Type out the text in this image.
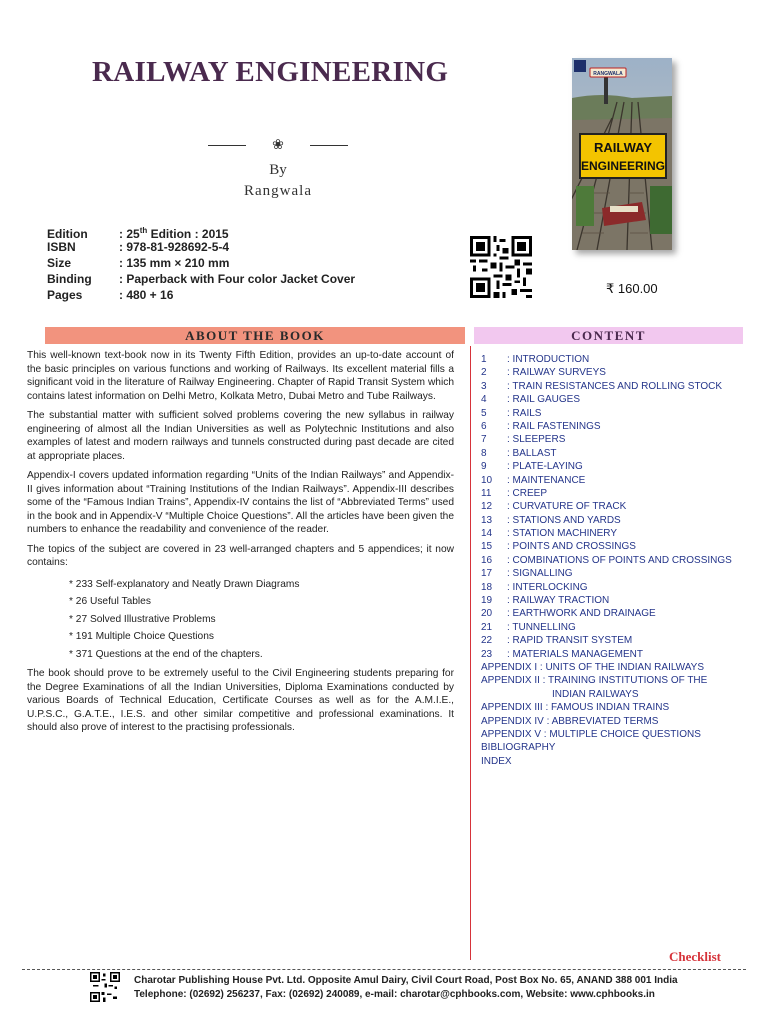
RAILWAY ENGINEERING
❀
By
Rangwala
Edition	: 25th Edition : 2015
ISBN	: 978-81-928692-5-4
Size	: 135 mm × 210 mm
Binding : Paperback with Four color Jacket Cover
Pages	: 480 + 16
RANGWALA
RAILWAY
ENGINEERING
₹ 160.00
ABOUT THE BOOK	CONTENT

This well-known text-book now in its Twenty Fifth Edition, provides an up-to-date account of the basic principles on various functions and working of Railways. Its excellent material fills a significant void in the literature of Railway Engineering. Chapter of Rapid Transit System which contains latest information on Delhi Metro, Kolkata Metro, Dubai Metro and Tube Railways.

The substantial matter with sufficient solved problems covering the new syllabus in railway engineering of almost all the Indian Universities as well as Polytechnic Institutions and also examples of latest and modern railways and tunnels constructed during past decade are cited at appropriate places.

Appendix-I covers updated information regarding “Units of the Indian Railways” and Appendix-II gives information about “Training Institutions of the Indian Railways”. Appendix-III describes some of the “Famous Indian Trains”, Appendix-IV contains the list of “Abbreviated Terms” used in the book and in Appendix-V “Multiple Choice Questions”. All the articles have been given the numbers to enhance the readability and convenience of the reader.

The topics of the subject are covered in 23 well-arranged chapters and 5 appendices; it now contains:

* 233 Self-explanatory and Neatly Drawn Diagrams
* 26 Useful Tables
* 27 Solved Illustrative Problems
* 191 Multiple Choice Questions
* 371 Questions at the end of the chapters.

The book should prove to be extremely useful to the Civil Engineering students preparing for the Degree Examinations of all the Indian Universities, Diploma Examinations conducted by various Boards of Technical Education, Certificate Courses as well as for the A.M.I.E., U.P.S.C., G.A.T.E., I.E.S. and other similar competitive and professional examinations. It should also prove of interest to the practising professionals.

1 : INTRODUCTION
2 : RAILWAY SURVEYS
3 : TRAIN RESISTANCES AND ROLLING STOCK
4 : RAIL GAUGES
5 : RAILS
6 : RAIL FASTENINGS
7 : SLEEPERS
8 : BALLAST
9 : PLATE-LAYING
10 : MAINTENANCE
11 : CREEP
12 : CURVATURE OF TRACK
13 : STATIONS AND YARDS
14 : STATION MACHINERY
15 : POINTS AND CROSSINGS
16 : COMBINATIONS OF POINTS AND CROSSINGS
17 : SIGNALLING
18 : INTERLOCKING
19 : RAILWAY TRACTION
20 : EARTHWORK AND DRAINAGE
21 : TUNNELLING
22 : RAPID TRANSIT SYSTEM
23 : MATERIALS MANAGEMENT
APPENDIX I : UNITS OF THE INDIAN RAILWAYS
APPENDIX II : TRAINING INSTITUTIONS OF THE
INDIAN RAILWAYS
APPENDIX III : FAMOUS INDIAN TRAINS
APPENDIX IV : ABBREVIATED TERMS
APPENDIX V : MULTIPLE CHOICE QUESTIONS
BIBLIOGRAPHY
INDEX
Checklist
Charotar Publishing House Pvt. Ltd. Opposite Amul Dairy, Civil Court Road, Post Box No. 65, ANAND 388 001 India
Telephone: (02692) 256237, Fax: (02692) 240089, e-mail: charotar@cphbooks.com, Website: www.cphbooks.in
